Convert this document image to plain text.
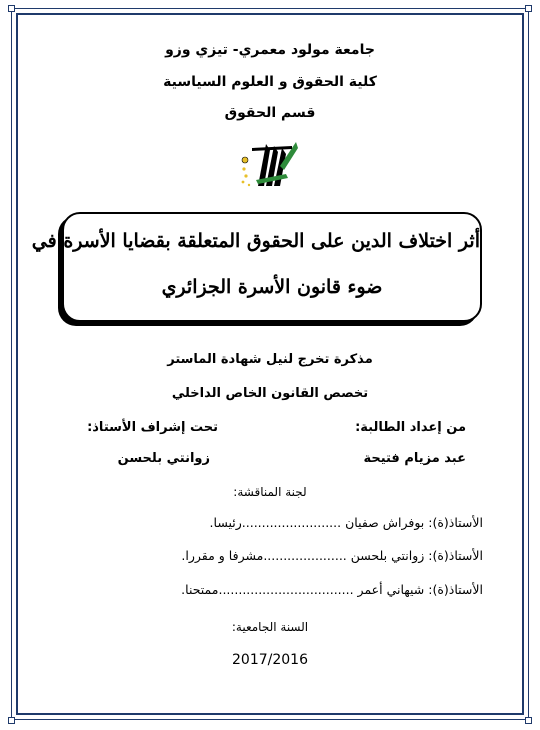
جامعة مولود معمري- تيزي وزو
كلية الحقوق و العلوم السياسية
قسم الحقوق
أثر اختلاف الدين على الحقوق المتعلقة بقضايا الأسرة في
ضوء قانون الأسرة الجزائري
مذكرة تخرج لنيل شهادة الماستر
تخصص القانون الخاص الداخلي
من إعداد الطالبة:
تحت إشراف الأستاذ:
عبد مزيام فتيحة
زوانتي بلحسن
لجنة المناقشة:
الأستاذ(ة): بوفراش صفيان .........................رئيسا.
الأستاذ(ة): زوانتي بلحسن .....................مشرفا و مقررا.
الأستاذ(ة): شيهاني أعمر ..................................ممتحنا.
السنة الجامعية:
2017/2016
